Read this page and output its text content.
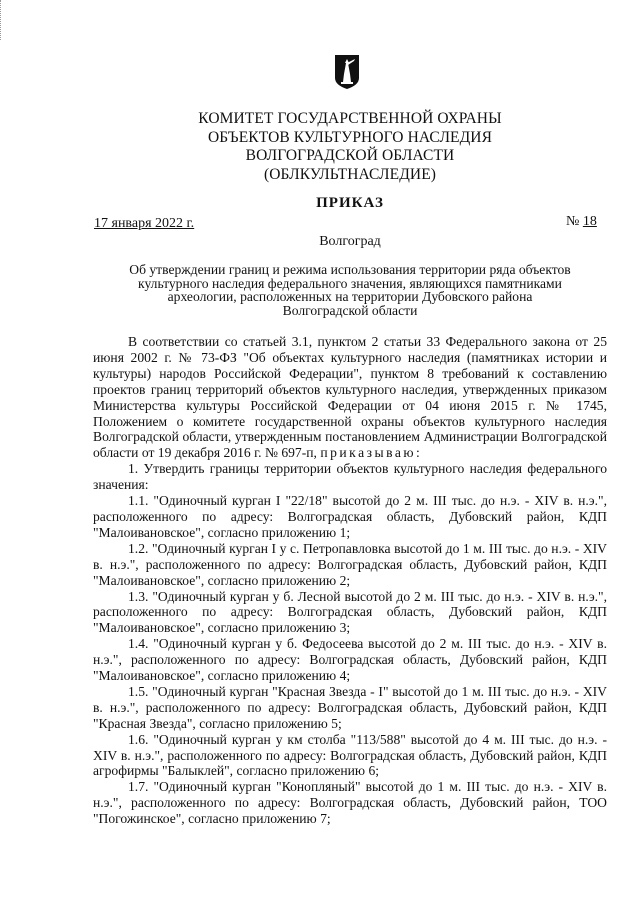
КОМИТЕТ ГОСУДАРСТВЕННОЙ ОХРАНЫ
ОБЪЕКТОВ КУЛЬТУРНОГО НАСЛЕДИЯ
ВОЛГОГРАДСКОЙ ОБЛАСТИ
(ОБЛКУЛЬТНАСЛЕДИЕ)
ПРИКАЗ
17 января 2022 г.	№ 18
Волгоград
Об утверждении границ и режима использования территории ряда объектов
культурного наследия федерального значения, являющихся памятниками
археологии, расположенных на территории Дубовского района
Волгоградской области

В соответствии со статьей 3.1, пунктом 2 статьи 33 Федерального закона от 25 июня 2002 г. № 73-ФЗ "Об объектах культурного наследия (памятниках истории и культуры) народов Российской Федерации", пунктом 8 требований к составлению проектов границ территорий объектов культурного наследия, утвержденных приказом Министерства культуры Российской Федерации от 04 июня 2015 г. № 1745, Положением о комитете государственной охраны объектов культурного наследия Волгоградской области, утвержденным постановлением Администрации Волгоградской области от 19 декабря 2016 г. № 697-п, приказываю:

1. Утвердить границы территории объектов культурного наследия федерального значения:

1.1. "Одиночный курган I "22/18" высотой до 2 м. III тыс. до н.э. - XIV в. н.э.", расположенного по адресу: Волгоградская область, Дубовский район, КДП "Малоивановское", согласно приложению 1;

1.2. "Одиночный курган I у с. Петропавловка высотой до 1 м. III тыс. до н.э. - XIV в. н.э.", расположенного по адресу: Волгоградская область, Дубовский район, КДП "Малоивановское", согласно приложению 2;

1.3. "Одиночный курган у б. Лесной высотой до 2 м. III тыс. до н.э. - XIV в. н.э.", расположенного по адресу: Волгоградская область, Дубовский район, КДП "Малоивановское", согласно приложению 3;

1.4. "Одиночный курган у б. Федосеева высотой до 2 м. III тыс. до н.э. - XIV в. н.э.", расположенного по адресу: Волгоградская область, Дубовский район, КДП "Малоивановское", согласно приложению 4;

1.5. "Одиночный курган "Красная Звезда - I" высотой до 1 м. III тыс. до н.э. - XIV в. н.э.", расположенного по адресу: Волгоградская область, Дубовский район, КДП "Красная Звезда", согласно приложению 5;

1.6. "Одиночный курган у км столба "113/588" высотой до 4 м. III тыс. до н.э. - XIV в. н.э.", расположенного по адресу: Волгоградская область, Дубовский район, КДП агрофирмы "Балыклей", согласно приложению 6;

1.7. "Одиночный курган "Конопляный" высотой до 1 м. III тыс. до н.э. - XIV в. н.э.", расположенного по адресу: Волгоградская область, Дубовский район, ТОО "Погожинское", согласно приложению 7;
